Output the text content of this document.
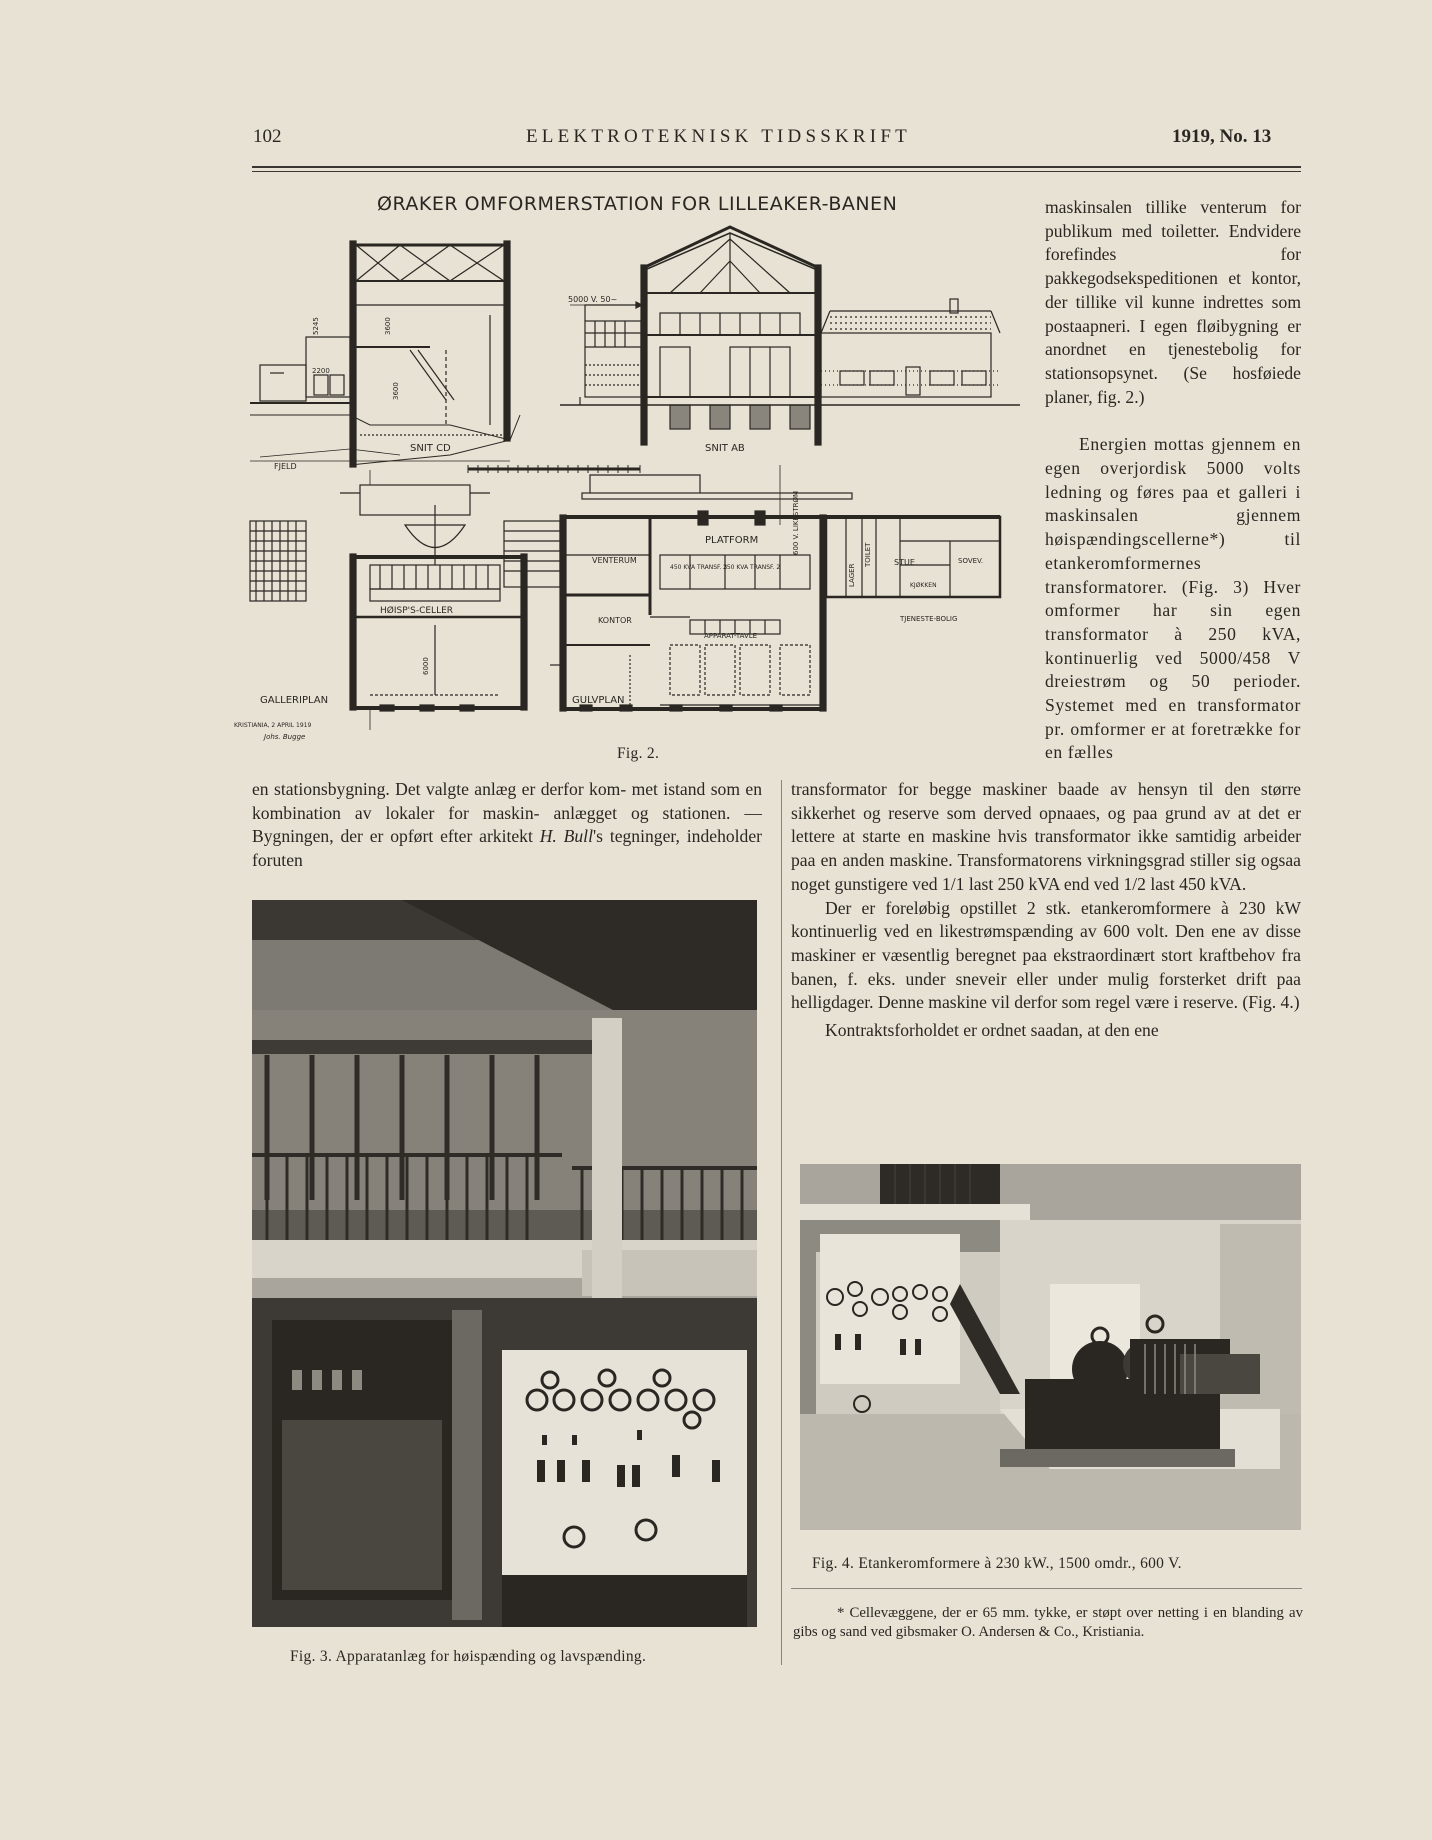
102	ELEKTROTEKNISK TIDSSKRIFT	1919, No. 13
ØRAKER OMFORMERSTATION FOR LILLEAKER-BANEN
SNIT CD	SNIT AB
FJELD
5000 V. 50~
GALLERIPLAN	GULVPLAN
HØISP'S-CELLER
PLATFORM
VENTERUM
KONTOR
STUE	SOVEV.
KJØKKEN
TJENESTE-BOLIG
APPARAT-TAVLE
450 KVA TRANSF. 3
250 KVA TRANSF. 2	LAGER
TOILET
600 V. LIKESTRØM
5245
3600
3600
2200
6000
KRISTIANIA, 2 APRIL 1919
Johs. Bugge
Fig. 2.

maskinsalen tillike venterum for publikum med toiletter. Endvidere forefindes for pakkegodsekspeditionen et kontor, der tillike vil kunne indrettes som postaapneri. I egen fløibygning er anordnet en tjenestebolig for stationsopsynet. (Se hosføiede planer, fig. 2.)

Energien mottas gjennem en egen overjordisk 5000 volts ledning og føres paa et galleri i maskinsalen gjennem høispændingscellerne*) til etankeromformernes transformatorer. (Fig. 3) Hver omformer har sin egen transformator à 250 kVA, kontinuerlig ved 5000/458 V dreiestrøm og 50 perioder. Systemet med en transformator pr. omformer er at foretrække for en fælles

en stationsbygning. Det valgte anlæg er derfor kom- met istand som en kombination av lokaler for maskin- anlægget og stationen. — Bygningen, der er opført efter arkitekt H. Bull's tegninger, indeholder foruten

transformator for begge maskiner baade av hensyn til den større sikkerhet og reserve som derved opnaaes, og paa grund av at det er lettere at starte en maskine hvis transformator ikke samtidig arbeider paa en anden maskine. Transformatorens virkningsgrad stiller sig ogsaa noget gunstigere ved 1/1 last 250 kVA end ved 1/2 last 450 kVA.

Der er foreløbig opstillet 2 stk. etankeromformere à 230 kW kontinuerlig ved en likestrømspænding av 600 volt. Den ene av disse maskiner er væsentlig beregnet paa ekstraordinært stort kraftbehov fra banen, f. eks. under sneveir eller under mulig forsterket drift paa helligdager. Denne maskine vil derfor som regel være i reserve. (Fig. 4.)

Kontraktsforholdet er ordnet saadan, at den ene

Fig. 3. Apparatanlæg for høispænding og lavspænding.
Fig. 4. Etankeromformere à 230 kW., 1500 omdr., 600 V.
* Cellevæggene, der er 65 mm. tykke, er støpt over netting i en blanding av gibs og sand ved gibsmaker O. Andersen & Co., Kristiania.
